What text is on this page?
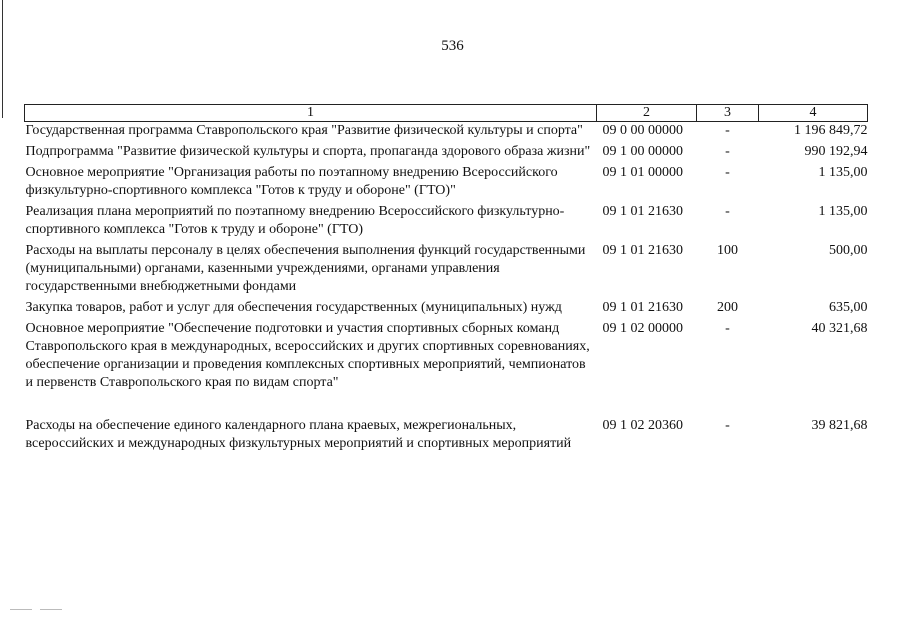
536
1	2	3	4
Государственная программа Ставропольского края "Развитие физической культуры и спорта"	09 0 00 00000	-	1 196 849,72
Подпрограмма "Развитие физической культуры и спорта, пропаганда здорового образа жизни"	09 1 00 00000	-	990 192,94
Основное мероприятие "Организация работы по поэтапному внедрению Всероссийского физкультурно-спортивного комплекса "Готов к труду и обороне" (ГТО)"	09 1 01 00000	-	1 135,00
Реализация плана мероприятий по поэтапному внедрению Всероссийского физкультурно-спортивного комплекса "Готов к труду и обороне" (ГТО)	09 1 01 21630	-	1 135,00
Расходы на выплаты персоналу в целях обеспечения выполнения функций государственными (муниципальными) органами, казенными учреждениями, органами управления государственными внебюджетными фондами	09 1 01 21630	100	500,00
Закупка товаров, работ и услуг для обеспечения государственных (муниципальных) нужд	09 1 01 21630	200	635,00
Основное мероприятие "Обеспечение подготовки и участия спортивных сборных команд Ставропольского края в международных, всероссийских и других спортивных соревнованиях, обеспечение организации и проведения комплексных спортивных мероприятий, чемпионатов и первенств Ставропольского края по видам спорта"	09 1 02 00000	-	40 321,68

Расходы на обеспечение единого календарного плана краевых, межрегиональных, всероссийских и международных физкультурных мероприятий и спортивных мероприятий	09 1 02 20360	-	39 821,68
